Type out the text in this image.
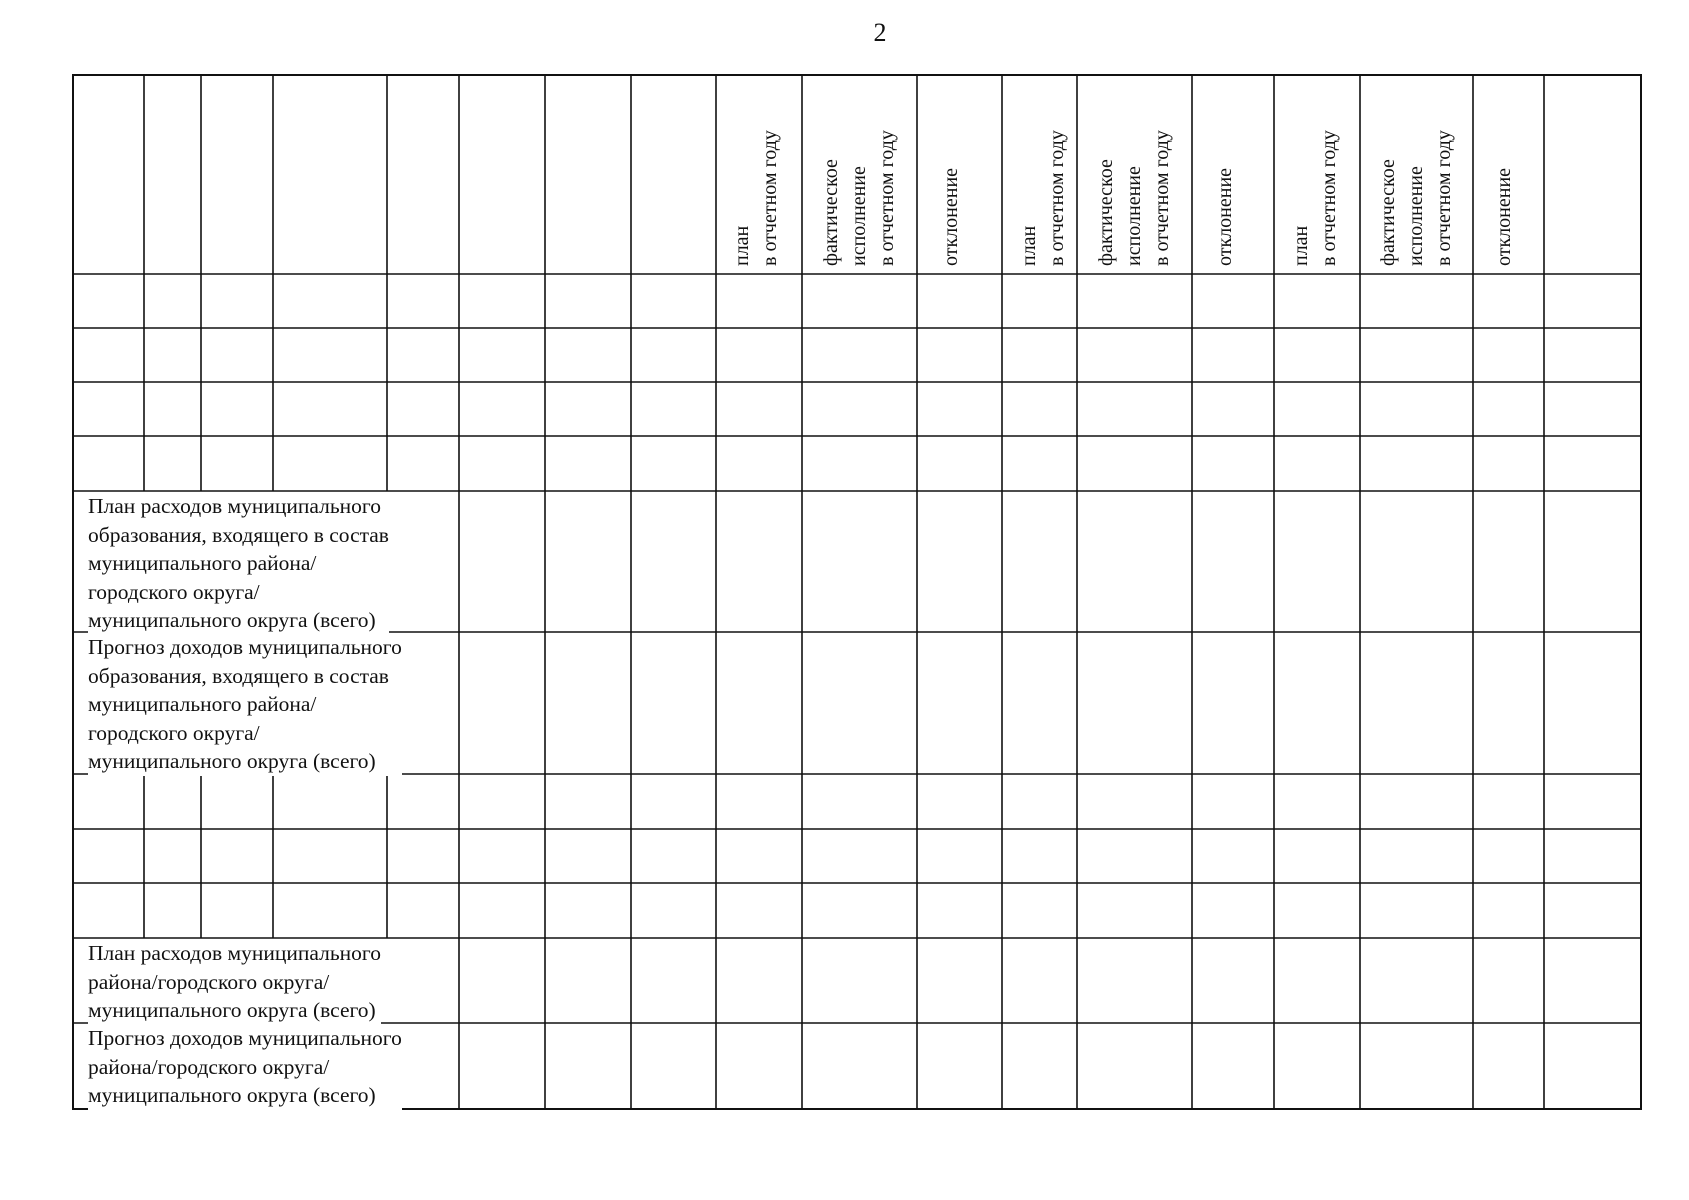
2
план в отчетном году фактическое исполнение в отчетном году отклонение	план в отчетном году фактическое исполнение в отчетном году отклонение	план в отчетном году фактическое исполнение в отчетном году отклонение
План расходов муниципального
образования, входящего в состав
муниципального района/
городского округа/
муниципального округа (всего)
Прогноз доходов муниципального
образования, входящего в состав
муниципального района/
городского округа/
муниципального округа (всего)
План расходов муниципального
района/городского округа/
муниципального округа (всего)
Прогноз доходов муниципального
района/городского округа/
муниципального округа (всего)
